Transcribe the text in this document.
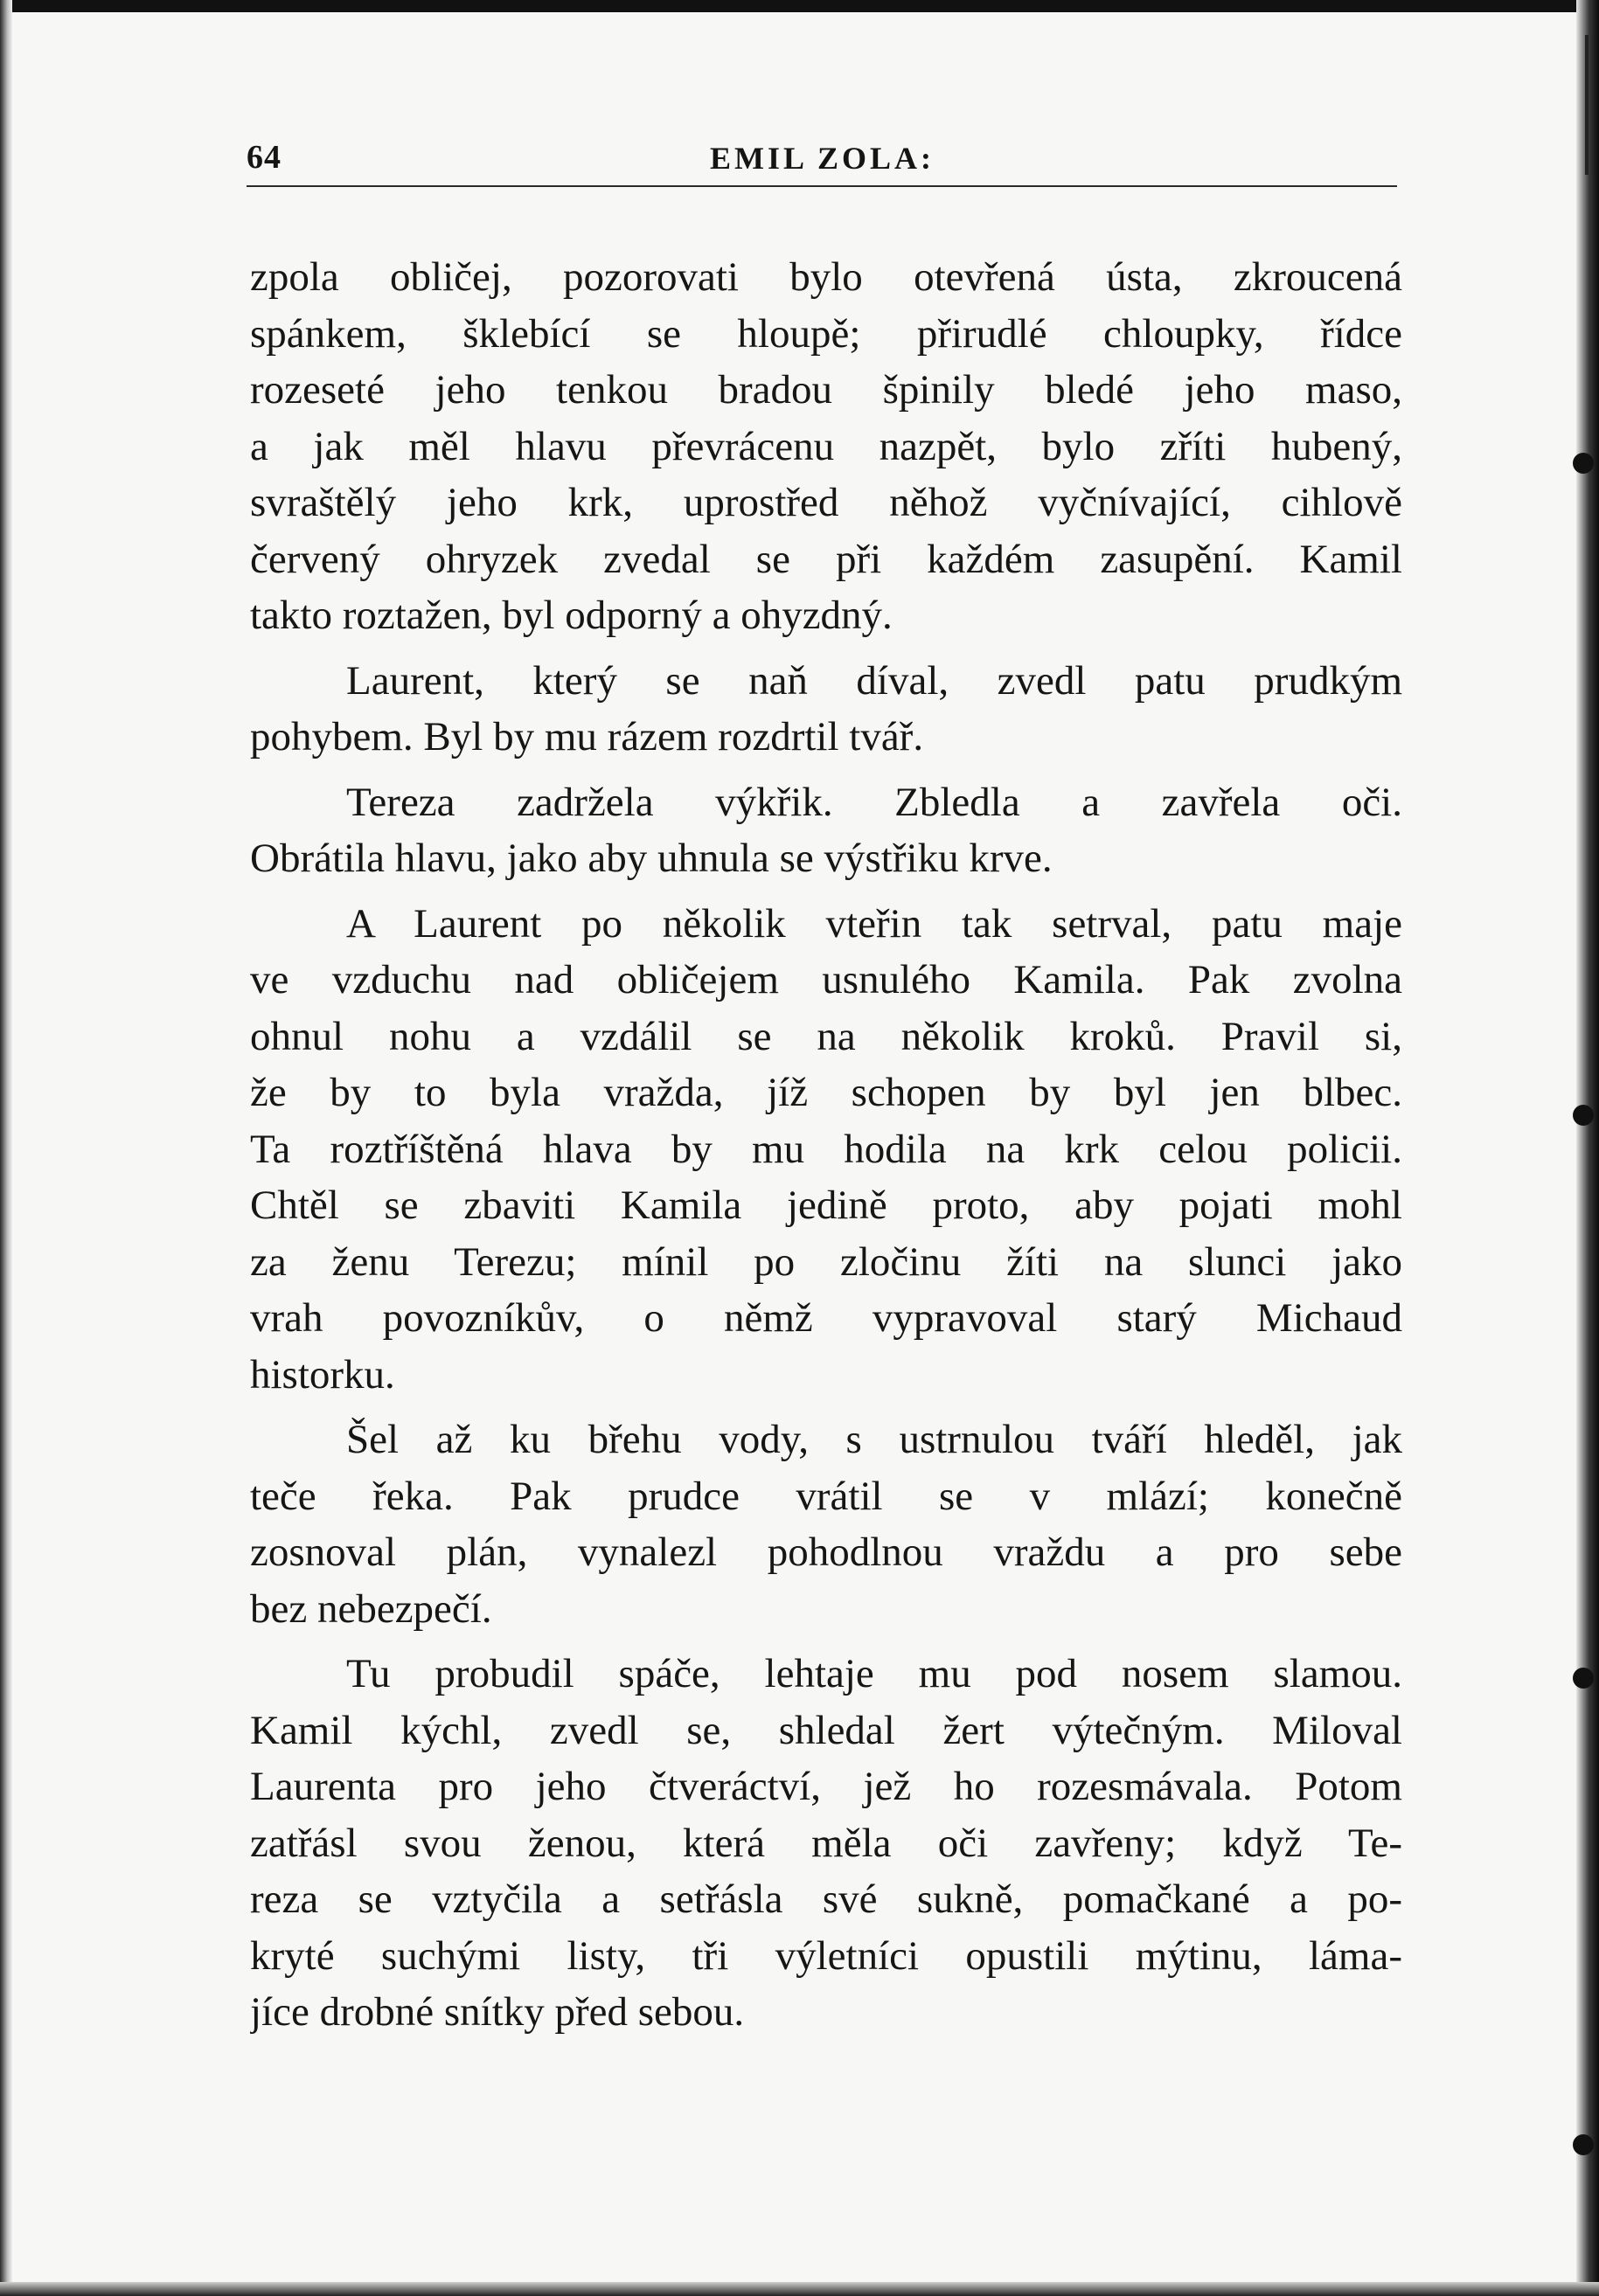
64	EMIL ZOLA:
zpola obličej, pozorovati bylo otevřená ústa, zkroucená
spánkem, šklebící se hloupě; přirudlé chloupky, řídce
rozeseté jeho tenkou bradou špinily bledé jeho maso,
a jak měl hlavu převrácenu nazpět, bylo zříti hubený,
svraštělý jeho krk, uprostřed něhož vyčnívající, cihlově
červený ohryzek zvedal se při každém zasupění. Kamil
takto roztažen, byl odporný a ohyzdný.
Laurent, který se naň díval, zvedl patu prudkým
pohybem. Byl by mu rázem rozdrtil tvář.
Tereza zadržela výkřik. Zbledla a zavřela oči.
Obrátila hlavu, jako aby uhnula se výstřiku krve.
A Laurent po několik vteřin tak setrval, patu maje
ve vzduchu nad obličejem usnulého Kamila. Pak zvolna
ohnul nohu a vzdálil se na několik kroků. Pravil si,
že by to byla vražda, jíž schopen by byl jen blbec.
Ta roztříštěná hlava by mu hodila na krk celou policii.
Chtěl se zbaviti Kamila jedině proto, aby pojati mohl
za ženu Terezu; mínil po zločinu žíti na slunci jako
vrah povozníkův, o němž vypravoval starý Michaud
historku.
Šel až ku břehu vody, s ustrnulou tváří hleděl, jak
teče řeka. Pak prudce vrátil se v mlází; konečně
zosnoval plán, vynalezl pohodlnou vraždu a pro sebe
bez nebezpečí.
Tu probudil spáče, lehtaje mu pod nosem slamou.
Kamil kýchl, zvedl se, shledal žert výtečným. Miloval
Laurenta pro jeho čtveráctví, jež ho rozesmávala. Potom
zatřásl svou ženou, která měla oči zavřeny; když Te-
reza se vztyčila a setřásla své sukně, pomačkané a po-
kryté suchými listy, tři výletníci opustili mýtinu, láma-
jíce drobné snítky před sebou.
